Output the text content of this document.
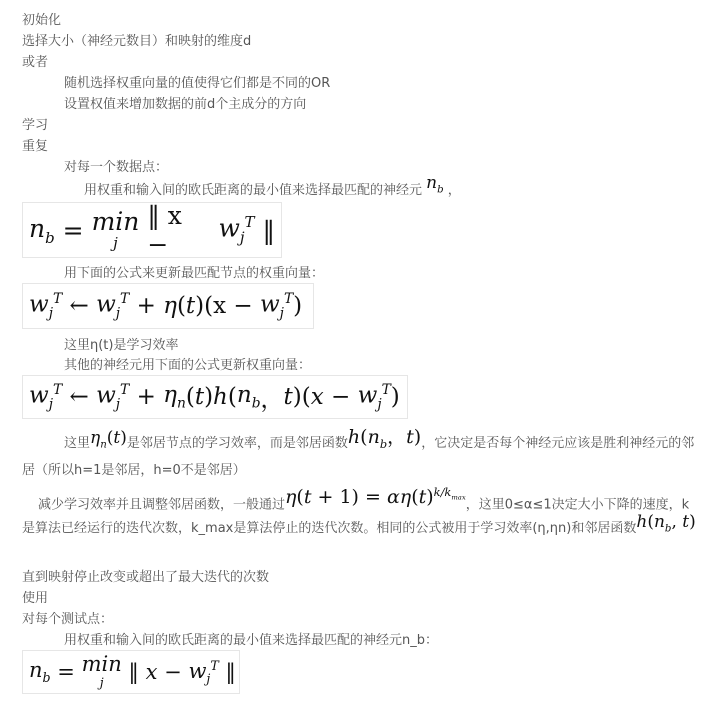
初始化
选择大小（神经元数目）和映射的维度d
或者
随机选择权重向量的值使得它们都是不同的OR
设置权值来增加数据的前d个主成分的方向
学习
重复
对每一个数据点：
用权重和输入间的欧氏距离的最小值来选择最匹配的神经元 $n_b$ ，
$n_b$
=
min
j

‖ x −

$w_j^T$
‖
用下面的公式来更新最匹配节点的权重向量：
$w_j^T$
←
$w_j^T$
+
η ( t )(x −
$w_j^T$ )
这里η(t)是学习效率
其他的神经元用下面的公式更新权重向量：
$w_j^T$
←
$w_j^T$
+
$\eta_n$ ( t ) h ( $n_b$ ， t )( x
−
$w_j^T$ )
这里$\eta_n(t)$是邻居节点的学习效率，而是邻居函数$h(n_b$，t)，它决定是否每个神经元应该是胜利神经元的邻居（所以h=1是邻居，h=0不是邻居）
减少学习效率并且调整邻居函数，一般通过$\eta(t + 1) = \alpha\eta(t)^{k/k_{max}}$，这里0≤α≤1决定大小下降的速度，k是算法已经运行的迭代次数，k_max是算法停止的迭代次数。相同的公式被用于学习效率(η,ηn)和邻居函数$h(n_b$, t)
直到映射停止改变或超出了最大迭代的次数
使用
对每个测试点：
用权重和输入间的欧氏距离的最小值来选择最匹配的神经元n_b：
$n_b$
=
min
j
‖
x
−
$w_j^T$
‖
